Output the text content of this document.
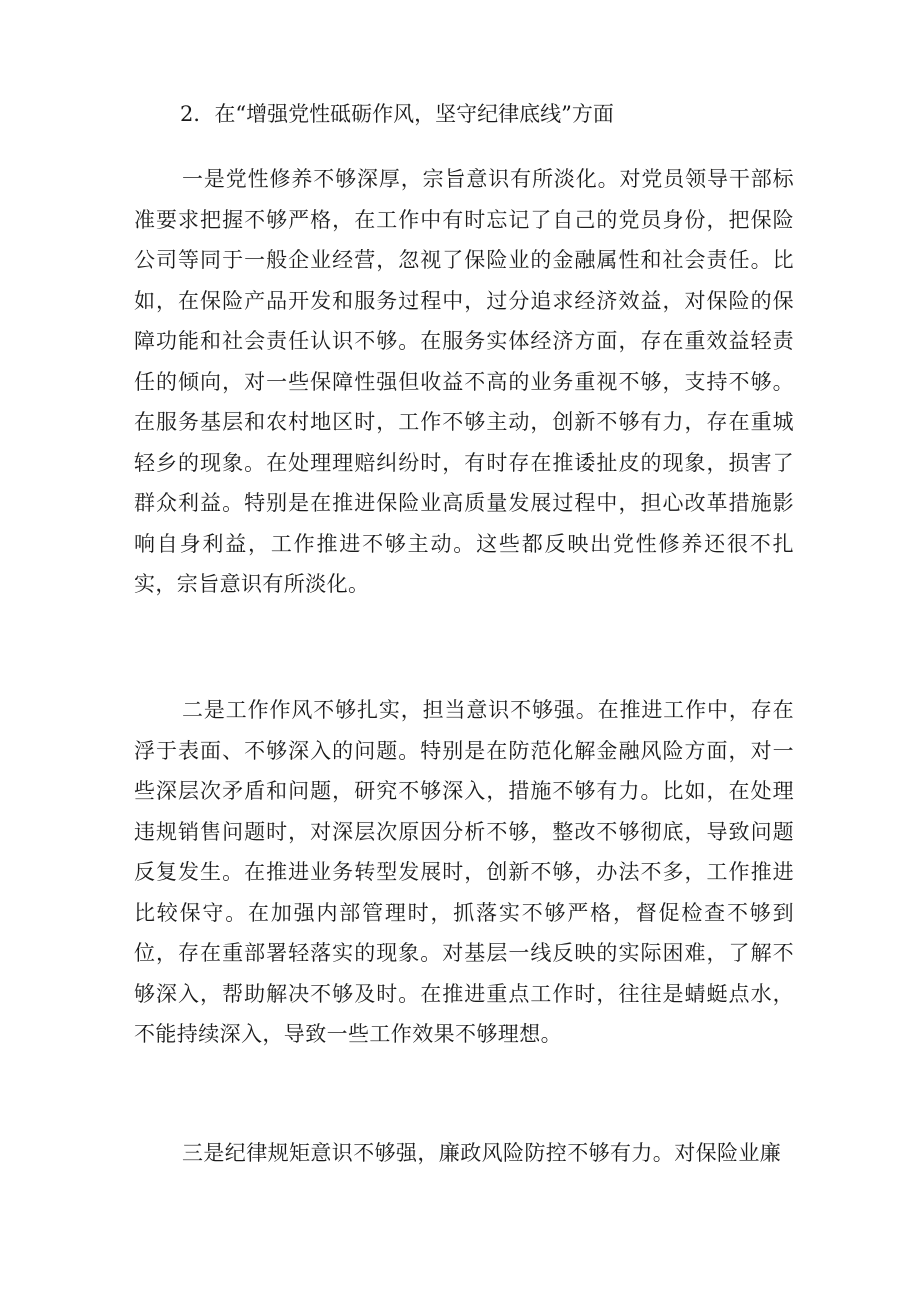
2．在“增强党性砥砺作风，坚守纪律底线”方面
一是党性修养不够深厚，宗旨意识有所淡化。对党员领导干部标准要求把握不够严格，在工作中有时忘记了自己的党员身份，把保险公司等同于一般企业经营，忽视了保险业的金融属性和社会责任。比如，在保险产品开发和服务过程中，过分追求经济效益，对保险的保障功能和社会责任认识不够。在服务实体经济方面，存在重效益轻责任的倾向，对一些保障性强但收益不高的业务重视不够，支持不够。在服务基层和农村地区时，工作不够主动，创新不够有力，存在重城轻乡的现象。在处理理赔纠纷时，有时存在推诿扯皮的现象，损害了群众利益。特别是在推进保险业高质量发展过程中，担心改革措施影响自身利益，工作推进不够主动。这些都反映出党性修养还很不扎实，宗旨意识有所淡化。
二是工作作风不够扎实，担当意识不够强。在推进工作中，存在浮于表面、不够深入的问题。特别是在防范化解金融风险方面，对一些深层次矛盾和问题，研究不够深入，措施不够有力。比如，在处理违规销售问题时，对深层次原因分析不够，整改不够彻底，导致问题反复发生。在推进业务转型发展时，创新不够，办法不多，工作推进比较保守。在加强内部管理时，抓落实不够严格，督促检查不够到位，存在重部署轻落实的现象。对基层一线反映的实际困难，了解不够深入，帮助解决不够及时。在推进重点工作时，往往是蜻蜓点水，不能持续深入，导致一些工作效果不够理想。
三是纪律规矩意识不够强，廉政风险防控不够有力。对保险业廉
